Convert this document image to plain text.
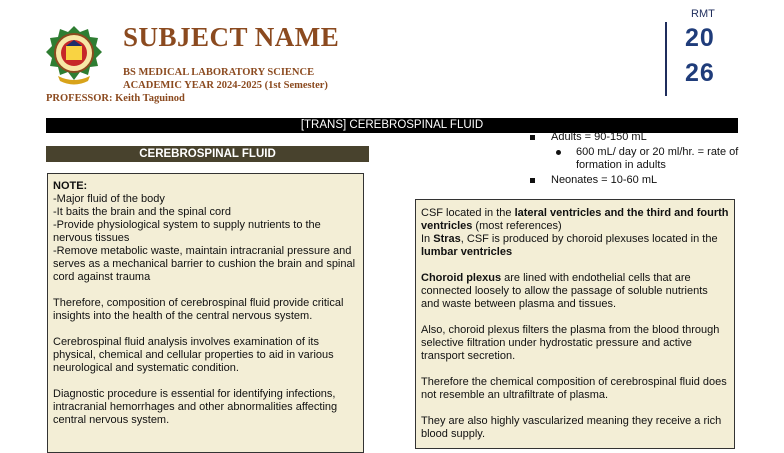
SUBJECT NAME
BS MEDICAL LABORATORY SCIENCE
ACADEMIC YEAR 2024-2025 (1st Semester)
PROFESSOR: Keith Taguinod
RMT
20
26
[TRANS] CEREBROSPINAL FLUID
CEREBROSPINAL FLUID
NOTE:
-Major fluid of the body
-It baits the brain and the spinal cord
-Provide physiological system to supply nutrients to the nervous tissues
-Remove metabolic waste, maintain intracranial pressure and serves as a mechanical barrier to cushion the brain and spinal cord against trauma

Therefore, composition of cerebrospinal fluid provide critical insights into the health of the central nervous system.

Cerebrospinal fluid analysis involves examination of its physical, chemical and cellular properties to aid in various neurological and systematic condition.

Diagnostic procedure is essential for identifying infections, intracranial hemorrhages and other abnormalities affecting central nervous system.

Adults = 90-150 mL
600 mL/ day or 20 ml/hr. = rate of formation in adults
Neonates = 10-60 mL

CSF located in the lateral ventricles and the third and fourth ventricles (most references)
In Stras, CSF is produced by choroid plexuses located in the lumbar ventricles

Choroid plexus are lined with endothelial cells that are connected loosely to allow the passage of soluble nutrients and waste between plasma and tissues.

Also, choroid plexus filters the plasma from the blood through selective filtration under hydrostatic pressure and active transport secretion.

Therefore the chemical composition of cerebrospinal fluid does not resemble an ultrafiltrate of plasma.

They are also highly vascularized meaning they receive a rich blood supply.
